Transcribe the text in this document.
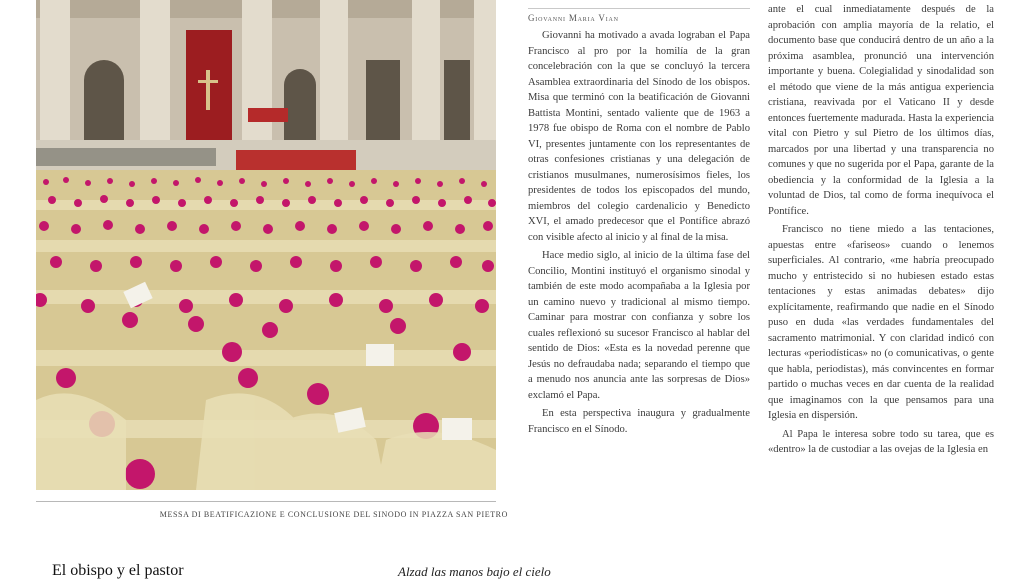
MESSA DI BEATIFICAZIONE E CONCLUSIONE DEL SINODO IN PIAZZA SAN PIETRO
Giovanni Maria Vian

Giovanni ha motivado a avada lograban el Papa Francisco al pro por la homilía de la gran concelebración con la que se concluyó la tercera Asamblea extraordinaria del Sínodo de los obispos. Misa que terminó con la beatificación de Giovanni Battista Montini, sentado valiente que de 1963 a 1978 fue obispo de Roma con el nombre de Pablo VI, presentes juntamente con los representantes de otras confesiones cristianas y una delegación de cristianos musulmanes, numerosísimos fieles, los presidentes de todos los episcopados del mundo, miembros del colegio cardenalicio y Benedicto XVI, el amado predecesor que el Pontífice abrazó con visible afecto al inicio y al final de la misa.

Hace medio siglo, al inicio de la última fase del Concilio, Montini instituyó el organismo sinodal y también de este modo acompañaba a la Iglesia por un camino nuevo y tradicional al mismo tiempo. Caminar para mostrar con confianza y sobre los cuales reflexionó su sucesor Francisco al hablar del sentido de Dios: «Esta es la novedad perenne que Jesús no defraudaba nada; separando el tiempo que a menudo nos anuncia ante las sorpresas de Dios» exclamó el Papa.

En esta perspectiva inaugura y gradualmente Francisco en el Sínodo.

ante el cual inmediatamente después de la aprobación con amplia mayoría de la relatio, el documento base que conducirá dentro de un año a la próxima asamblea, pronunció una intervención importante y buena. Colegialidad y sinodalidad son el método que viene de la más antigua experiencia cristiana, reavivada por el Vaticano II y desde entonces fuertemente madurada. Hasta la experiencia vital con Pietro y sul Pietro de los últimos días, marcados por una libertad y una transparencia no comunes y que no sugerida por el Papa, garante de la obediencia y la conformidad de la Iglesia a la voluntad de Dios, tal como de forma inequívoca el Pontífice.

Francisco no tiene miedo a las tentaciones, apuestas entre «fariseos» cuando o lenemos superficiales. Al contrario, «me habría preocupado mucho y entristecido si no hubiesen estado estas tentaciones y estas animadas debates» dijo explícitamente, reafirmando que nadie en el Sínodo puso en duda «las verdades fundamentales del sacramento matrimonial. Y con claridad indicó con lecturas «periodísticas» no (o comunicativas, o gente que habla, periodistas), más convincentes en formar partido o muchas veces en dar cuenta de la realidad que imaginamos con la que pensamos para una Iglesia en dispersión.

Al Papa le interesa sobre todo su tarea, que es «dentro» la de custodiar a las ovejas de la Iglesia en

El obispo y el pastor	Alzad las manos bajo el cielo
